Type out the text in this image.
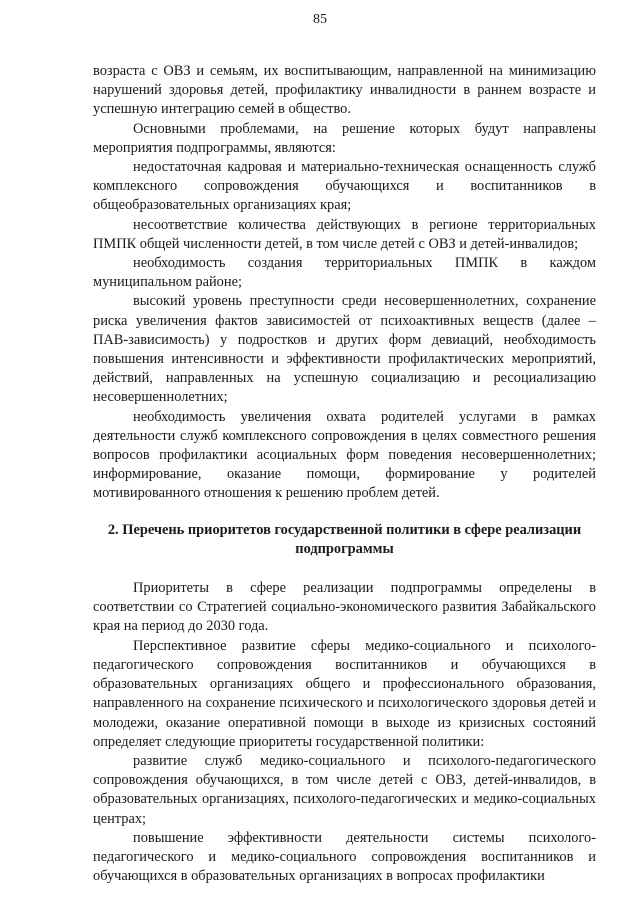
85

возраста с ОВЗ и семьям, их воспитывающим, направленной на минимизацию нарушений здоровья детей, профилактику инвалидности в раннем возрасте и успешную интеграцию семей в общество.

Основными проблемами, на решение которых будут направлены мероприятия подпрограммы, являются:

недостаточная кадровая и материально-техническая оснащенность служб комплексного сопровождения обучающихся и воспитанников в общеобразовательных организациях края;

несоответствие количества действующих в регионе территориальных ПМПК общей численности детей, в том числе детей с ОВЗ и детей-инвалидов;

необходимость создания территориальных ПМПК в каждом муниципальном районе;

высокий уровень преступности среди несовершеннолетних, сохранение риска увеличения фактов зависимостей от психоактивных веществ (далее – ПАВ-зависимость) у подростков и других форм девиаций, необходимость повышения интенсивности и эффективности профилактических мероприятий, действий, направленных на успешную социализацию и ресоциализацию несовершеннолетних;

необходимость увеличения охвата родителей услугами в рамках деятельности служб комплексного сопровождения в целях совместного решения вопросов профилактики асоциальных форм поведения несовершеннолетних; информирование, оказание помощи, формирование у родителей мотивированного отношения к решению проблем детей.

2. Перечень приоритетов государственной политики в сфере реализации подпрограммы

Приоритеты в сфере реализации подпрограммы определены в соответствии со Стратегией социально-экономического развития Забайкальского края на период до 2030 года.

Перспективное развитие сферы медико-социального и психолого-педагогического сопровождения воспитанников и обучающихся в образовательных организациях общего и профессионального образования, направленного на сохранение психического и психологического здоровья детей и молодежи, оказание оперативной помощи в выходе из кризисных состояний определяет следующие приоритеты государственной политики:

развитие служб медико-социального и психолого-педагогического сопровождения обучающихся, в том числе детей с ОВЗ, детей-инвалидов, в образовательных организациях, психолого-педагогических и медико-социальных центрах;

повышение эффективности деятельности системы психолого-педагогического и медико-социального сопровождения воспитанников и обучающихся в образовательных организациях в вопросах профилактики
